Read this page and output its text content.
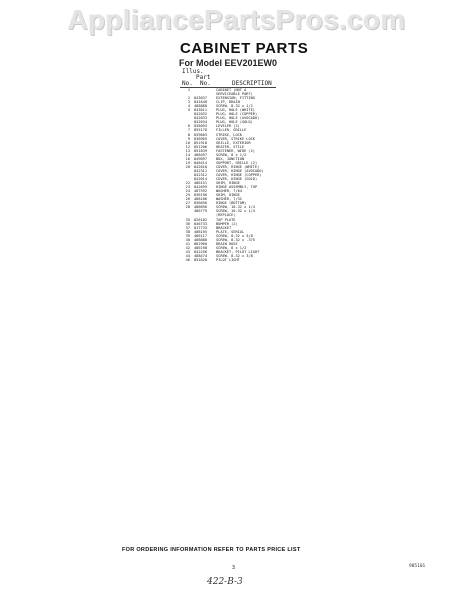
AppliancePartsPros.com
CABINET PARTS
For Model EEV201EW0
Illus.
Part
No. No.	DESCRIPTION
1	CABINET (NOT A
SERVICEABLE PART)
2 843037	EXTENSION, FITTING
3 841648	CLIP, DRAIN
4 488880	SCREW, 8-32 x 1/2
5 843011	PLUG, HOLE (WHITE)
842032	PLUG, HOLE (COPPER)
842033	PLUG, HOLE (AVOCADO)
842034	PLUG, HOLE (GOLD)
6 836093	LEVELER (2)
7 855178	FILLER, GRILLE
8 839603	STRIKE, LOCK
9 836965	COVER, STRIKE LOCK
10 851918	GRILLE, EXTERIOR
12 851206	HEATER, STILE
13 851839	FASTENER, WIRE (2)
14 488497	SCREW, 8 x 1/2
16 849097	BOX, JUNCTION
19 846414	SUPPORT, GRILLE (2)
20 842010	COVER, HINGE (WHITE)
842311	COVER, HINGE (AVOCADO)
842312	COVER, HINGE (COPPER)
842014	COVER, HINGE (GOLD)
22 486151	SHIM, HINGE
23 842659	HINGE ASSEMBLY, TOP
24 487592	WASHER, 7/64
25 836196	SHIM, HINGE
26 488186	WASHER, 7/32
27 836656	HINGE (BOTTOM)
28 486890	SCREW, 10-32 x 1/4
486779	SCREW, 10-32 x 1/4
(REPLACE)
35 826182	TAP PLATE
36 846733	BUMPER (2)
37 817733	BRACKET
38 408195	PLATE, SERIAL
39 486117	SCREW, 8-32 x 3/8
40 488880	SCREW, 8-32 x .375
41 862960	DRAIN HOSE
42 486198	SCREW, 8 x 1/2
43 842256	BRACKET, PILOT LIGHT
44 488474	SCREW, 8-32 x 3/8
46 851620	PILOT LIGHT
FOR ORDERING INFORMATION REFER TO PARTS PRICE LIST
3	985101
422-B-3
